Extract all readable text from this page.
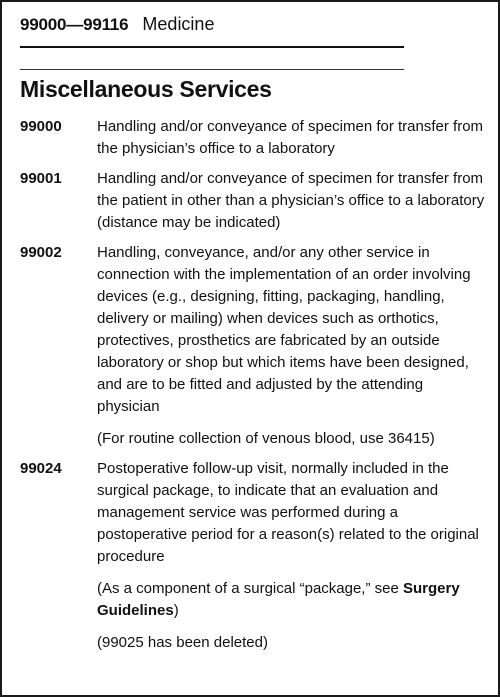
99000—99116 Medicine
Miscellaneous Services
99000	Handling and/or conveyance of specimen for transfer from the physician’s office to a laboratory

99001	Handling and/or conveyance of specimen for transfer from the patient in other than a physician’s office to a laboratory (distance may be indicated)

99002	Handling, conveyance, and/or any other service in connection with the implementation of an order involving devices (e.g., designing, fitting, packaging, handling, delivery or mailing) when devices such as orthotics, protectives, prosthetics are fabricated by an outside laboratory or shop but which items have been designed, and are to be fitted and adjusted by the attending physician

(For routine collection of venous blood, use 36415)

99024	Postoperative follow-up visit, normally included in the surgical package, to indicate that an evaluation and management service was performed during a postoperative period for a reason(s) related to the original procedure

(As a component of a surgical “package,” see Surgery Guidelines)

(99025 has been deleted)
